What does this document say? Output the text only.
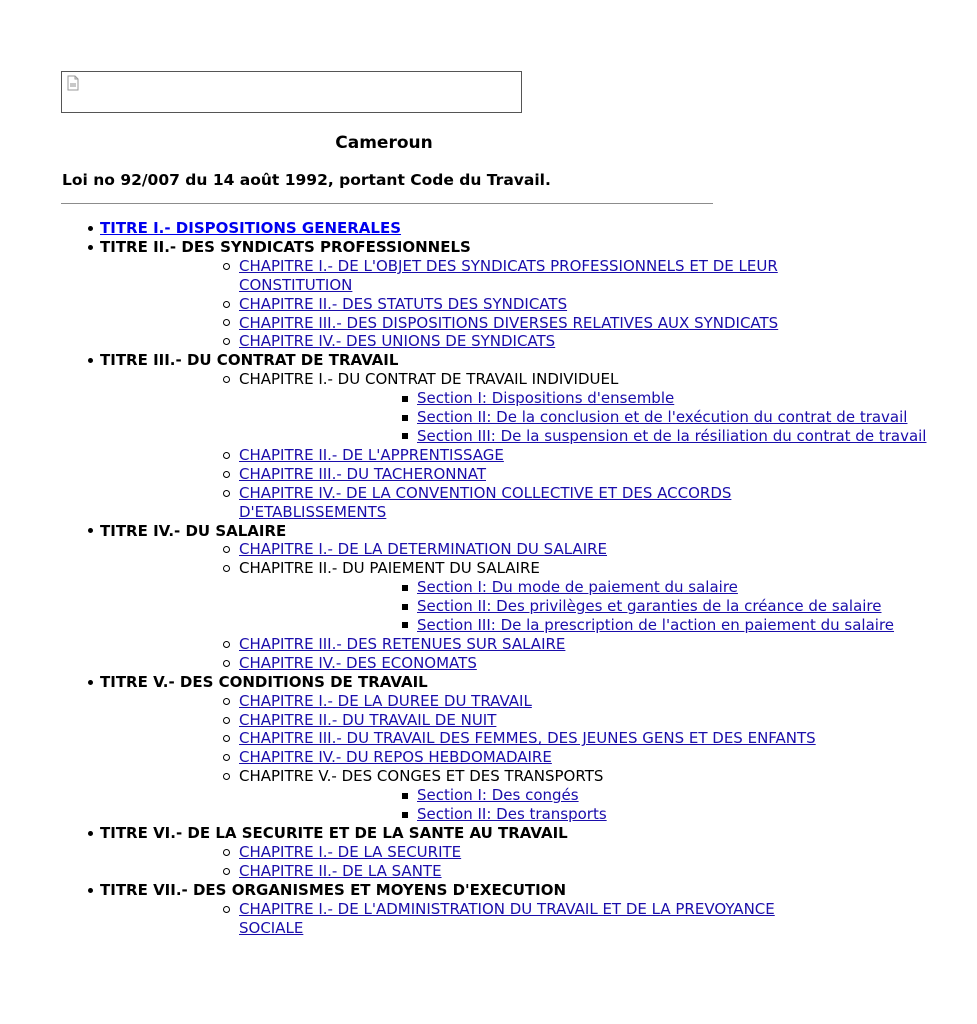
Cameroun
Loi no 92/007 du 14 août 1992, portant Code du Travail.
TITRE I.- DISPOSITIONS GENERALES
TITRE II.- DES SYNDICATS PROFESSIONNELS
CHAPITRE I.- DE L'OBJET DES SYNDICATS PROFESSIONNELS ET DE LEUR CONSTITUTION
CHAPITRE II.- DES STATUTS DES SYNDICATS
CHAPITRE III.- DES DISPOSITIONS DIVERSES RELATIVES AUX SYNDICATS
CHAPITRE IV.- DES UNIONS DE SYNDICATS
TITRE III.- DU CONTRAT DE TRAVAIL
CHAPITRE I.- DU CONTRAT DE TRAVAIL INDIVIDUEL
Section I: Dispositions d'ensemble
Section II: De la conclusion et de l'exécution du contrat de travail
Section III: De la suspension et de la résiliation du contrat de travail
CHAPITRE II.- DE L'APPRENTISSAGE
CHAPITRE III.- DU TACHERONNAT
CHAPITRE IV.- DE LA CONVENTION COLLECTIVE ET DES ACCORDS D'ETABLISSEMENTS
TITRE IV.- DU SALAIRE
CHAPITRE I.- DE LA DETERMINATION DU SALAIRE
CHAPITRE II.- DU PAIEMENT DU SALAIRE
Section I: Du mode de paiement du salaire
Section II: Des privilèges et garanties de la créance de salaire
Section III: De la prescription de l'action en paiement du salaire
CHAPITRE III.- DES RETENUES SUR SALAIRE
CHAPITRE IV.- DES ECONOMATS
TITRE V.- DES CONDITIONS DE TRAVAIL
CHAPITRE I.- DE LA DUREE DU TRAVAIL
CHAPITRE II.- DU TRAVAIL DE NUIT
CHAPITRE III.- DU TRAVAIL DES FEMMES, DES JEUNES GENS ET DES ENFANTS
CHAPITRE IV.- DU REPOS HEBDOMADAIRE
CHAPITRE V.- DES CONGES ET DES TRANSPORTS
Section I: Des congés
Section II: Des transports
TITRE VI.- DE LA SECURITE ET DE LA SANTE AU TRAVAIL
CHAPITRE I.- DE LA SECURITE
CHAPITRE II.- DE LA SANTE
TITRE VII.- DES ORGANISMES ET MOYENS D'EXECUTION
CHAPITRE I.- DE L'ADMINISTRATION DU TRAVAIL ET DE LA PREVOYANCE SOCIALE
